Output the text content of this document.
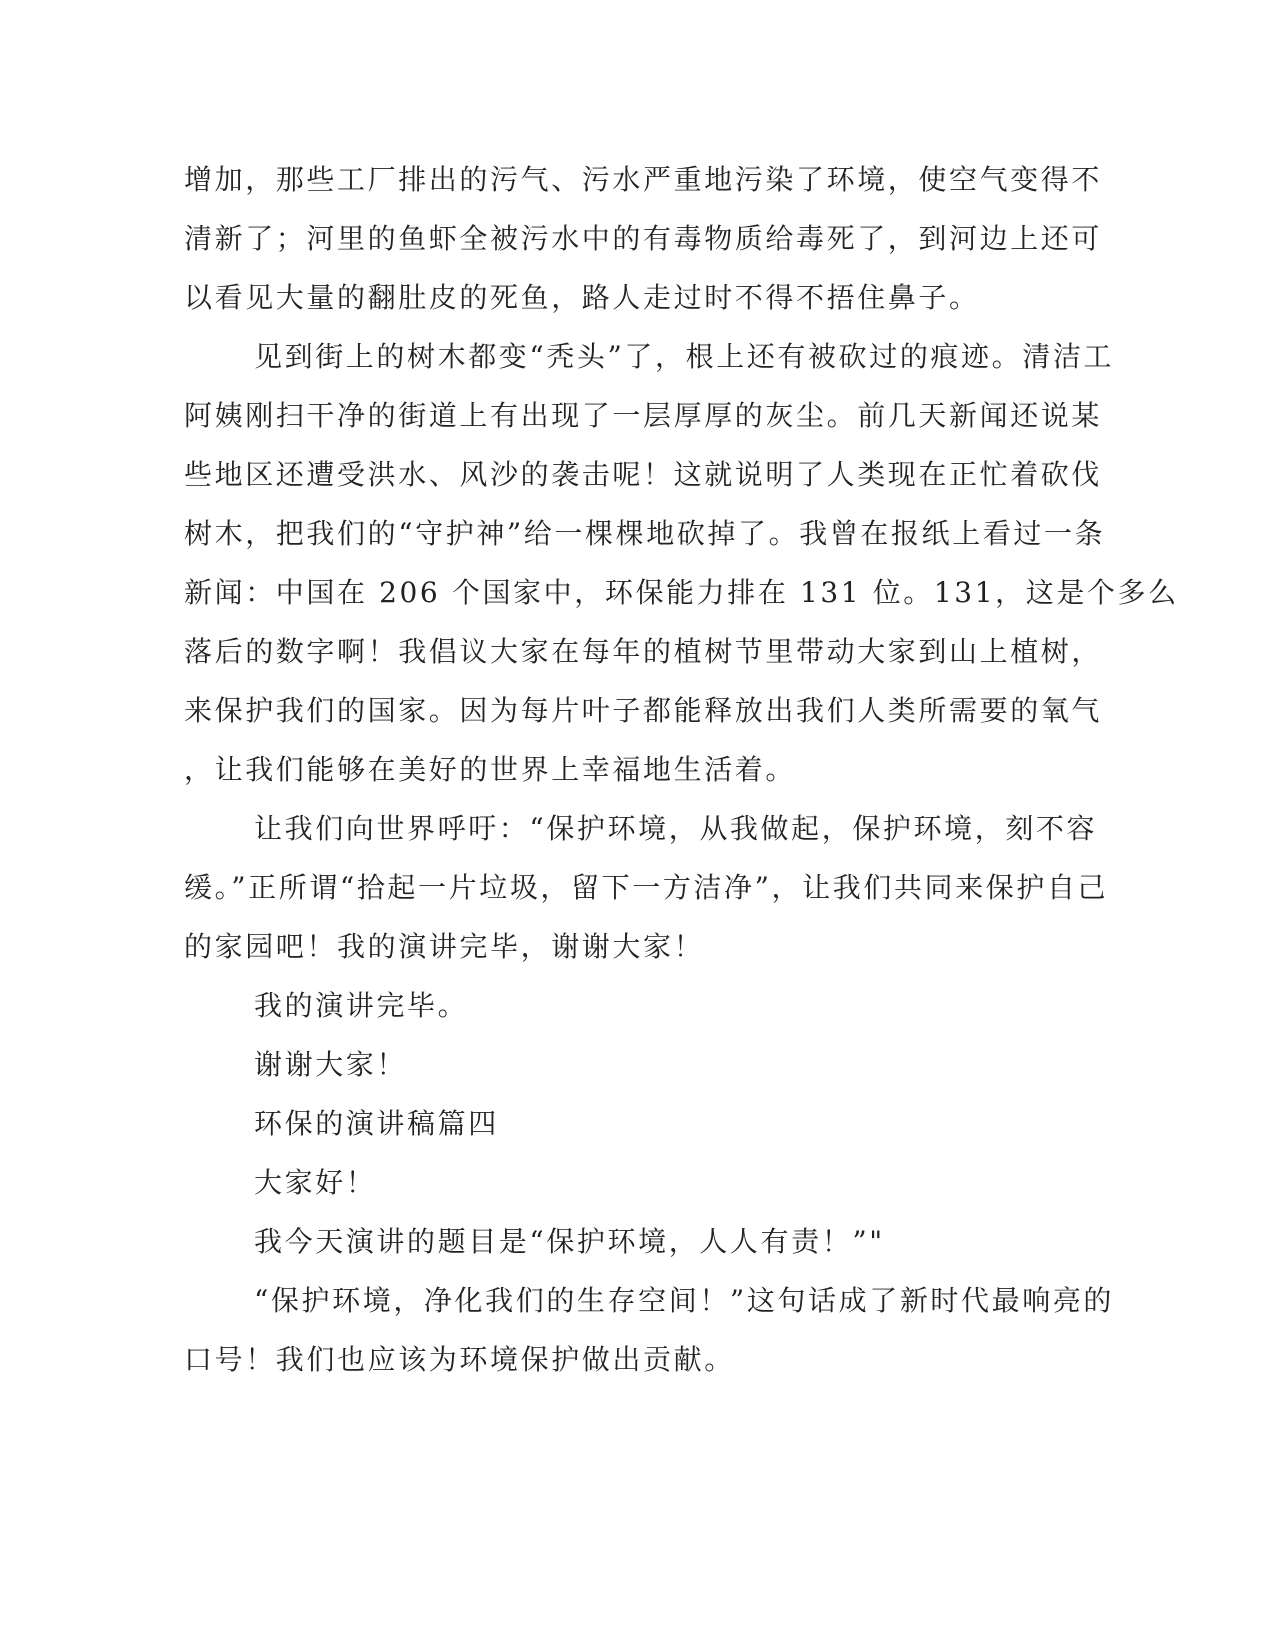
增加，那些工厂排出的污气、污水严重地污染了环境，使空气变得不
清新了；河里的鱼虾全被污水中的有毒物质给毒死了，到河边上还可
以看见大量的翻肚皮的死鱼，路人走过时不得不捂住鼻子。
见到街上的树木都变“秃头”了，根上还有被砍过的痕迹。清洁工
阿姨刚扫干净的街道上有出现了一层厚厚的灰尘。前几天新闻还说某
些地区还遭受洪水、风沙的袭击呢！这就说明了人类现在正忙着砍伐
树木，把我们的“守护神”给一棵棵地砍掉了。我曾在报纸上看过一条
新闻：中国在 206 个国家中，环保能力排在 131 位。131，这是个多么
落后的数字啊！我倡议大家在每年的植树节里带动大家到山上植树，
来保护我们的国家。因为每片叶子都能释放出我们人类所需要的氧气
，让我们能够在美好的世界上幸福地生活着。
让我们向世界呼吁：“保护环境，从我做起，保护环境，刻不容
缓。”正所谓“拾起一片垃圾，留下一方洁净”，让我们共同来保护自己
的家园吧！我的演讲完毕，谢谢大家！
我的演讲完毕。
谢谢大家！
环保的演讲稿篇四
大家好！
我今天演讲的题目是“保护环境，人人有责！”"
“保护环境，净化我们的生存空间！”这句话成了新时代最响亮的
口号！我们也应该为环境保护做出贡献。
